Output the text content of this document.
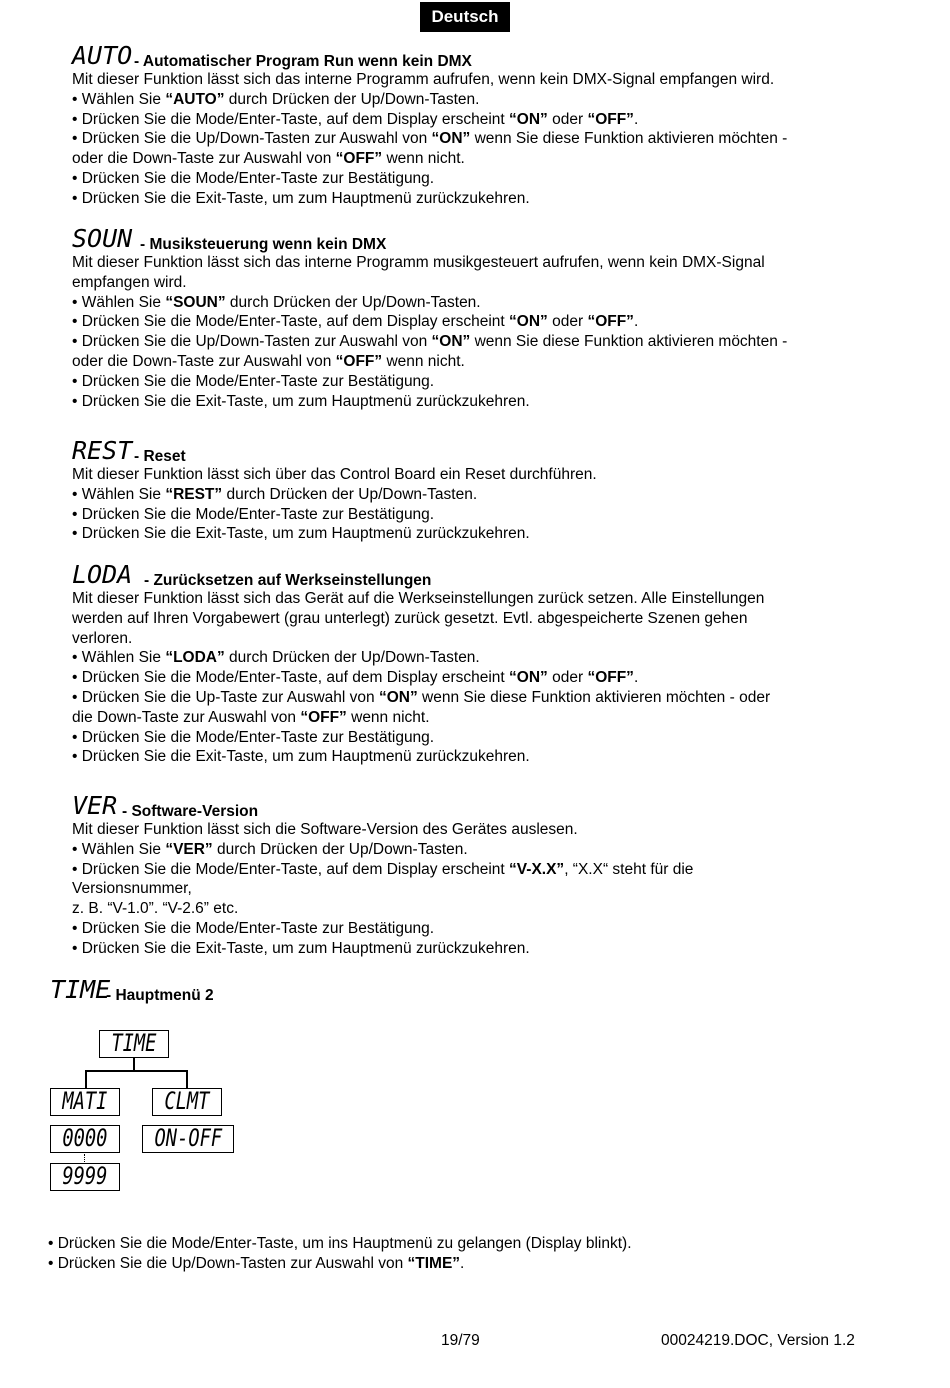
Deutsch
AUTO - Automatischer Program Run wenn kein DMX
Mit dieser Funktion lässt sich das interne Programm aufrufen, wenn kein DMX-Signal empfangen wird.
• Wählen Sie “AUTO” durch Drücken der Up/Down-Tasten.
• Drücken Sie die Mode/Enter-Taste, auf dem Display erscheint “ON” oder “OFF”.
• Drücken Sie die Up/Down-Tasten zur Auswahl von “ON” wenn Sie diese Funktion aktivieren möchten -
oder die Down-Taste zur Auswahl von “OFF” wenn nicht.
• Drücken Sie die Mode/Enter-Taste zur Bestätigung.
• Drücken Sie die Exit-Taste, um zum Hauptmenü zurückzukehren.
SOUN - Musiksteuerung wenn kein DMX
Mit dieser Funktion lässt sich das interne Programm musikgesteuert aufrufen, wenn kein DMX-Signal
empfangen wird.
• Wählen Sie “SOUN” durch Drücken der Up/Down-Tasten.
• Drücken Sie die Mode/Enter-Taste, auf dem Display erscheint “ON” oder “OFF”.
• Drücken Sie die Up/Down-Tasten zur Auswahl von “ON” wenn Sie diese Funktion aktivieren möchten -
oder die Down-Taste zur Auswahl von “OFF” wenn nicht.
• Drücken Sie die Mode/Enter-Taste zur Bestätigung.
• Drücken Sie die Exit-Taste, um zum Hauptmenü zurückzukehren.
REST - Reset
Mit dieser Funktion lässt sich über das Control Board ein Reset durchführen.
• Wählen Sie “REST” durch Drücken der Up/Down-Tasten.
• Drücken Sie die Mode/Enter-Taste zur Bestätigung.
• Drücken Sie die Exit-Taste, um zum Hauptmenü zurückzukehren.
LODA - Zurücksetzen auf Werkseinstellungen
Mit dieser Funktion lässt sich das Gerät auf die Werkseinstellungen zurück setzen. Alle Einstellungen
werden auf Ihren Vorgabewert (grau unterlegt) zurück gesetzt. Evtl. abgespeicherte Szenen gehen
verloren.
• Wählen Sie “LODA” durch Drücken der Up/Down-Tasten.
• Drücken Sie die Mode/Enter-Taste, auf dem Display erscheint “ON” oder “OFF”.
• Drücken Sie die Up-Taste zur Auswahl von “ON” wenn Sie diese Funktion aktivieren möchten - oder
die Down-Taste zur Auswahl von “OFF” wenn nicht.
• Drücken Sie die Mode/Enter-Taste zur Bestätigung.
• Drücken Sie die Exit-Taste, um zum Hauptmenü zurückzukehren.
VER - Software-Version
Mit dieser Funktion lässt sich die Software-Version des Gerätes auslesen.
• Wählen Sie “VER” durch Drücken der Up/Down-Tasten.
• Drücken Sie die Mode/Enter-Taste, auf dem Display erscheint “V-X.X”, “X.X“ steht für die
Versionsnummer,
z. B. “V-1.0”. “V-2.6” etc.
• Drücken Sie die Mode/Enter-Taste zur Bestätigung.
• Drücken Sie die Exit-Taste, um zum Hauptmenü zurückzukehren.
TIME
- Hauptmenü 2
TIME
MATI CLMT
0000 ON-OFF
9999
• Drücken Sie die Mode/Enter-Taste, um ins Hauptmenü zu gelangen (Display blinkt).
• Drücken Sie die Up/Down-Tasten zur Auswahl von “TIME”.
19/79	00024219.DOC, Version 1.2
